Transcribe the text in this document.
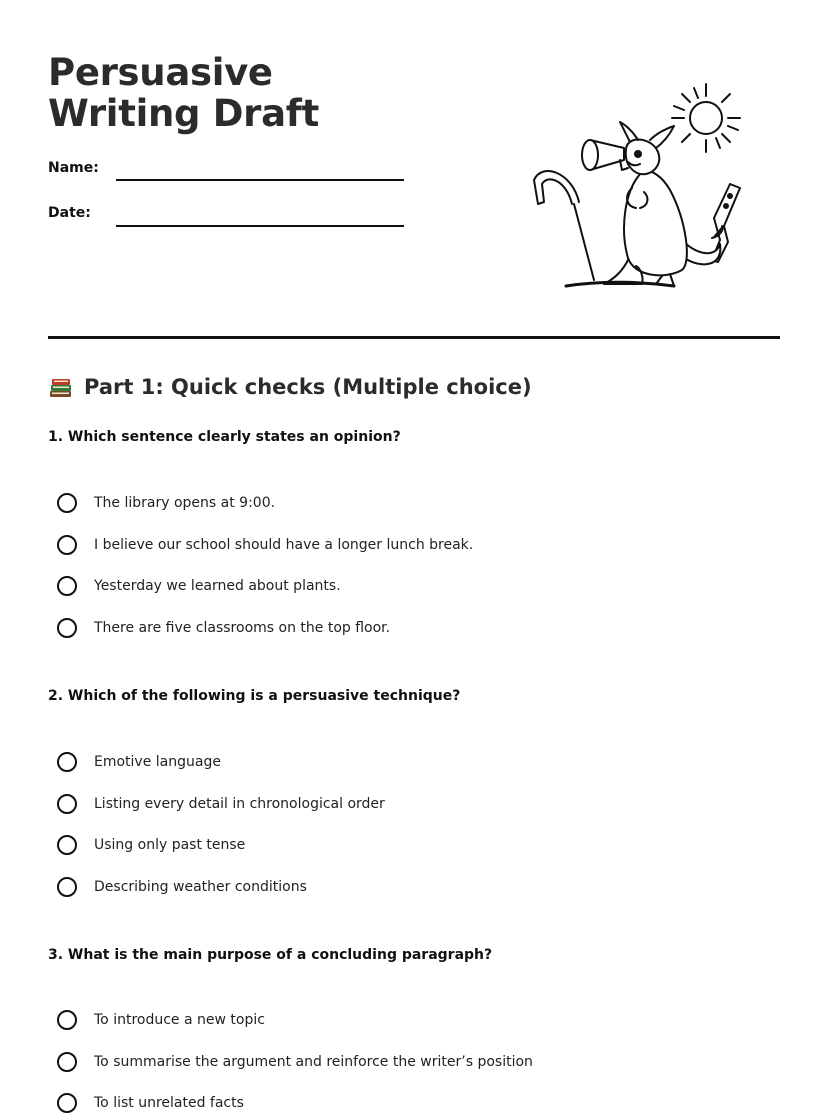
Persuasive Writing Draft
Name:
Date:
Part 1: Quick checks (Multiple choice)
1. Which sentence clearly states an opinion?
The library opens at 9:00.
I believe our school should have a longer lunch break.
Yesterday we learned about plants.
There are five classrooms on the top floor.
2. Which of the following is a persuasive technique?
Emotive language
Listing every detail in chronological order
Using only past tense
Describing weather conditions
3. What is the main purpose of a concluding paragraph?
To introduce a new topic
To summarise the argument and reinforce the writer’s position
To list unrelated facts
